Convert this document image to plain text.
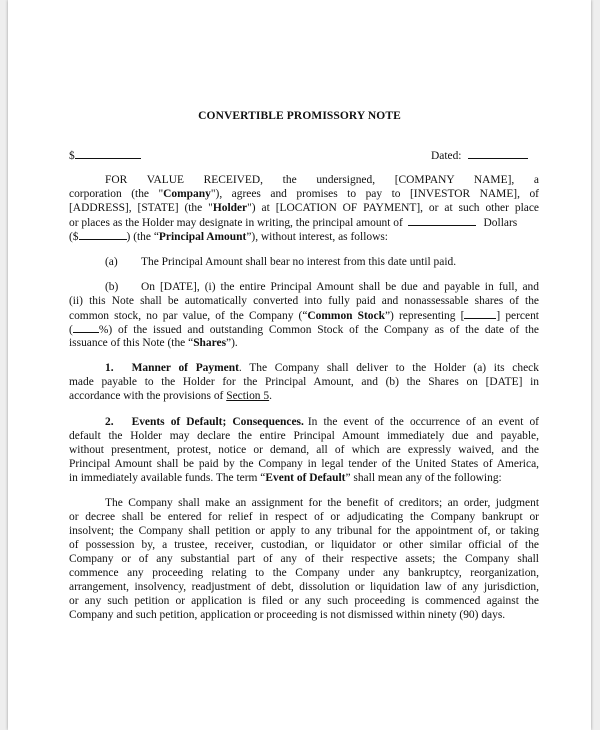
CONVERTIBLE PROMISSORY NOTE
$	Dated:
FOR VALUE RECEIVED, the undersigned, [COMPANY NAME], a
corporation (the "Company"), agrees and promises to pay to [INVESTOR NAME], of
[ADDRESS], [STATE] (the "Holder") at [LOCATION OF PAYMENT], or at such other place
or places as the Holder may designate in writing, the principal amount of	Dollars
($	) (the “Principal Amount”), without interest, as follows:
(a) The Principal Amount shall bear no interest from this date until paid.
(b) On [DATE], (i) the entire Principal Amount shall be due and payable in full, and
(ii) this Note shall be automatically converted into fully paid and nonassessable shares of the
common stock, no par value, of the Company (“Common Stock”) representing [	] percent
( %) of the issued and outstanding Common Stock of the Company as of the date of the
issuance of this Note (the “Shares”).
1. Manner of Payment. The Company shall deliver to the Holder (a) its check
made payable to the Holder for the Principal Amount, and (b) the Shares on [DATE] in
accordance with the provisions of Section 5.
2. Events of Default; Consequences. In the event of the occurrence of an event of
default the Holder may declare the entire Principal Amount immediately due and payable,
without presentment, protest, notice or demand, all of which are expressly waived, and the
Principal Amount shall be paid by the Company in legal tender of the United States of America,
in immediately available funds. The term “Event of Default” shall mean any of the following:
The Company shall make an assignment for the benefit of creditors; an order, judgment
or decree shall be entered for relief in respect of or adjudicating the Company bankrupt or
insolvent; the Company shall petition or apply to any tribunal for the appointment of, or taking
of possession by, a trustee, receiver, custodian, or liquidator or other similar official of the
Company or of any substantial part of any of their respective assets; the Company shall
commence any proceeding relating to the Company under any bankruptcy, reorganization,
arrangement, insolvency, readjustment of debt, dissolution or liquidation law of any jurisdiction,
or any such petition or application is filed or any such proceeding is commenced against the
Company and such petition, application or proceeding is not dismissed within ninety (90) days.
